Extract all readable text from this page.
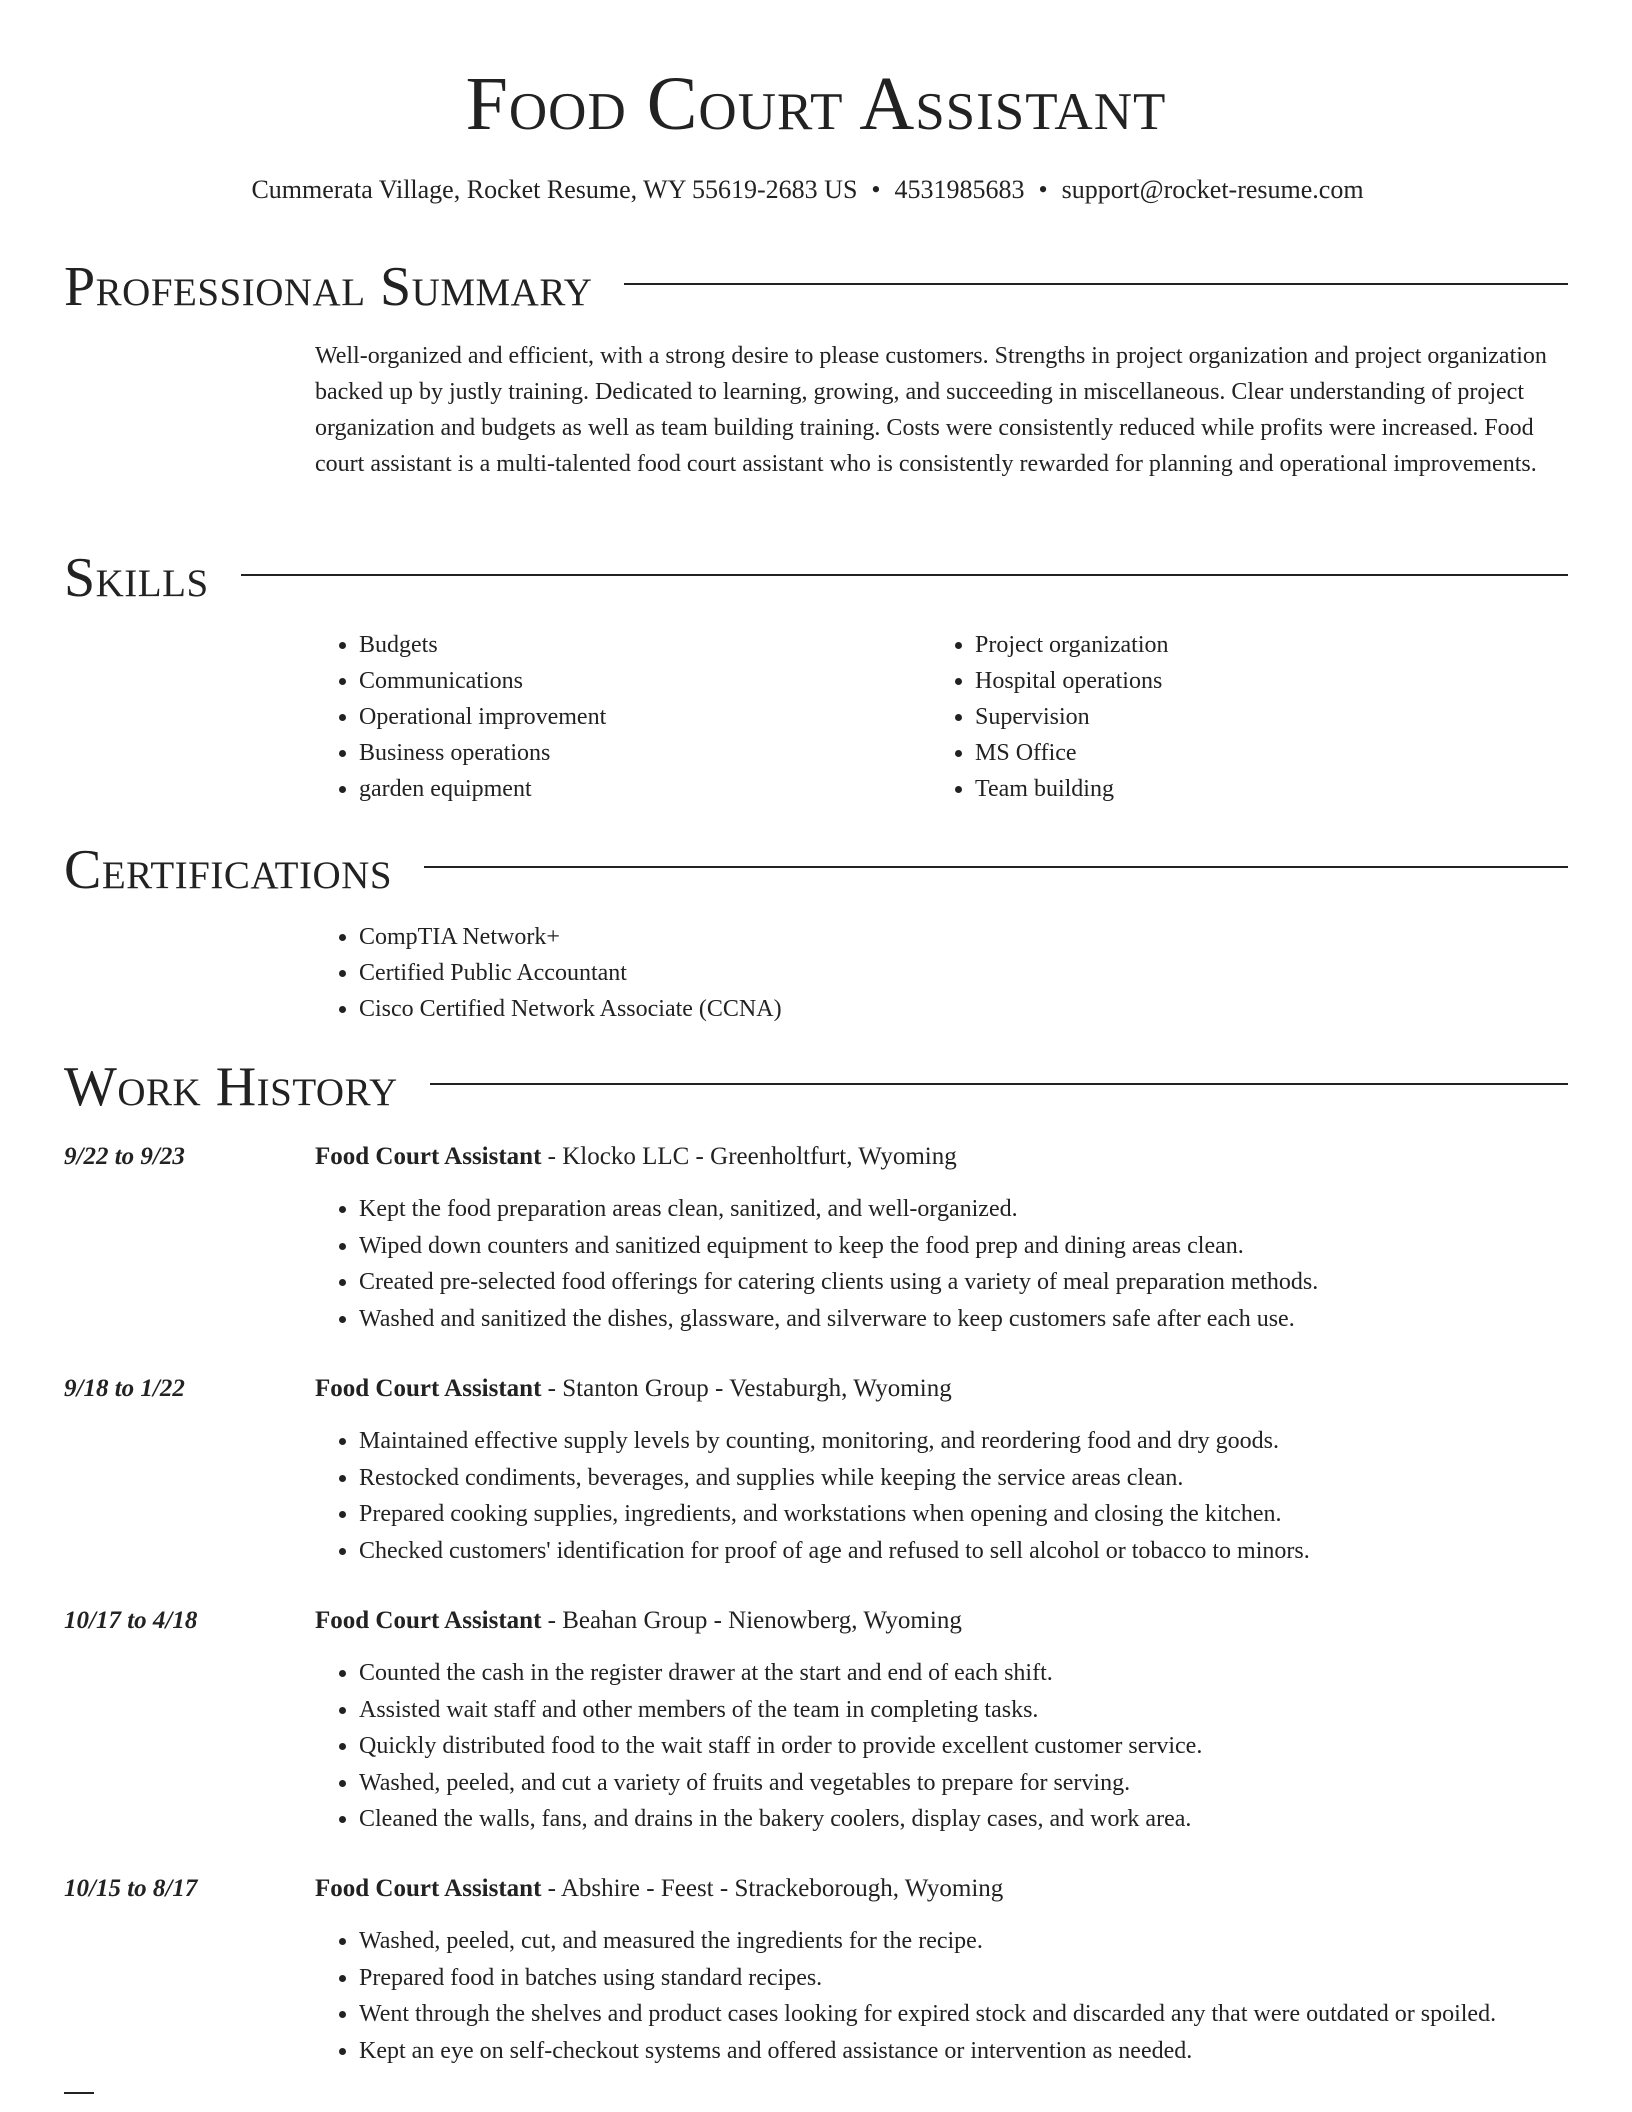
Food Court Assistant
Cummerata Village, Rocket Resume, WY 55619-2683 US • 4531985683 • support@rocket-resume.com
Professional Summary
Well-organized and efficient, with a strong desire to please customers. Strengths in project organization and project organization backed up by justly training. Dedicated to learning, growing, and succeeding in miscellaneous. Clear understanding of project organization and budgets as well as team building training. Costs were consistently reduced while profits were increased. Food court assistant is a multi-talented food court assistant who is consistently rewarded for planning and operational improvements.
Skills
• Budgets
• Communications
• Operational improvement
• Business operations
• garden equipment
• Project organization
• Hospital operations
• Supervision
• MS Office
• Team building
Certifications
• CompTIA Network+
• Certified Public Accountant
• Cisco Certified Network Associate (CCNA)
Work History
9/22 to 9/23	Food Court Assistant - Klocko LLC - Greenholtfurt, Wyoming
• Kept the food preparation areas clean, sanitized, and well-organized.
• Wiped down counters and sanitized equipment to keep the food prep and dining areas clean.
• Created pre-selected food offerings for catering clients using a variety of meal preparation methods.
• Washed and sanitized the dishes, glassware, and silverware to keep customers safe after each use.
9/18 to 1/22	Food Court Assistant - Stanton Group - Vestaburgh, Wyoming
• Maintained effective supply levels by counting, monitoring, and reordering food and dry goods.
• Restocked condiments, beverages, and supplies while keeping the service areas clean.
• Prepared cooking supplies, ingredients, and workstations when opening and closing the kitchen.
• Checked customers' identification for proof of age and refused to sell alcohol or tobacco to minors.
10/17 to 4/18	Food Court Assistant - Beahan Group - Nienowberg, Wyoming
• Counted the cash in the register drawer at the start and end of each shift.
• Assisted wait staff and other members of the team in completing tasks.
• Quickly distributed food to the wait staff in order to provide excellent customer service.
• Washed, peeled, and cut a variety of fruits and vegetables to prepare for serving.
• Cleaned the walls, fans, and drains in the bakery coolers, display cases, and work area.
10/15 to 8/17	Food Court Assistant - Abshire - Feest - Strackeborough, Wyoming
• Washed, peeled, cut, and measured the ingredients for the recipe.
• Prepared food in batches using standard recipes.
• Went through the shelves and product cases looking for expired stock and discarded any that were outdated or spoiled.
• Kept an eye on self-checkout systems and offered assistance or intervention as needed.
